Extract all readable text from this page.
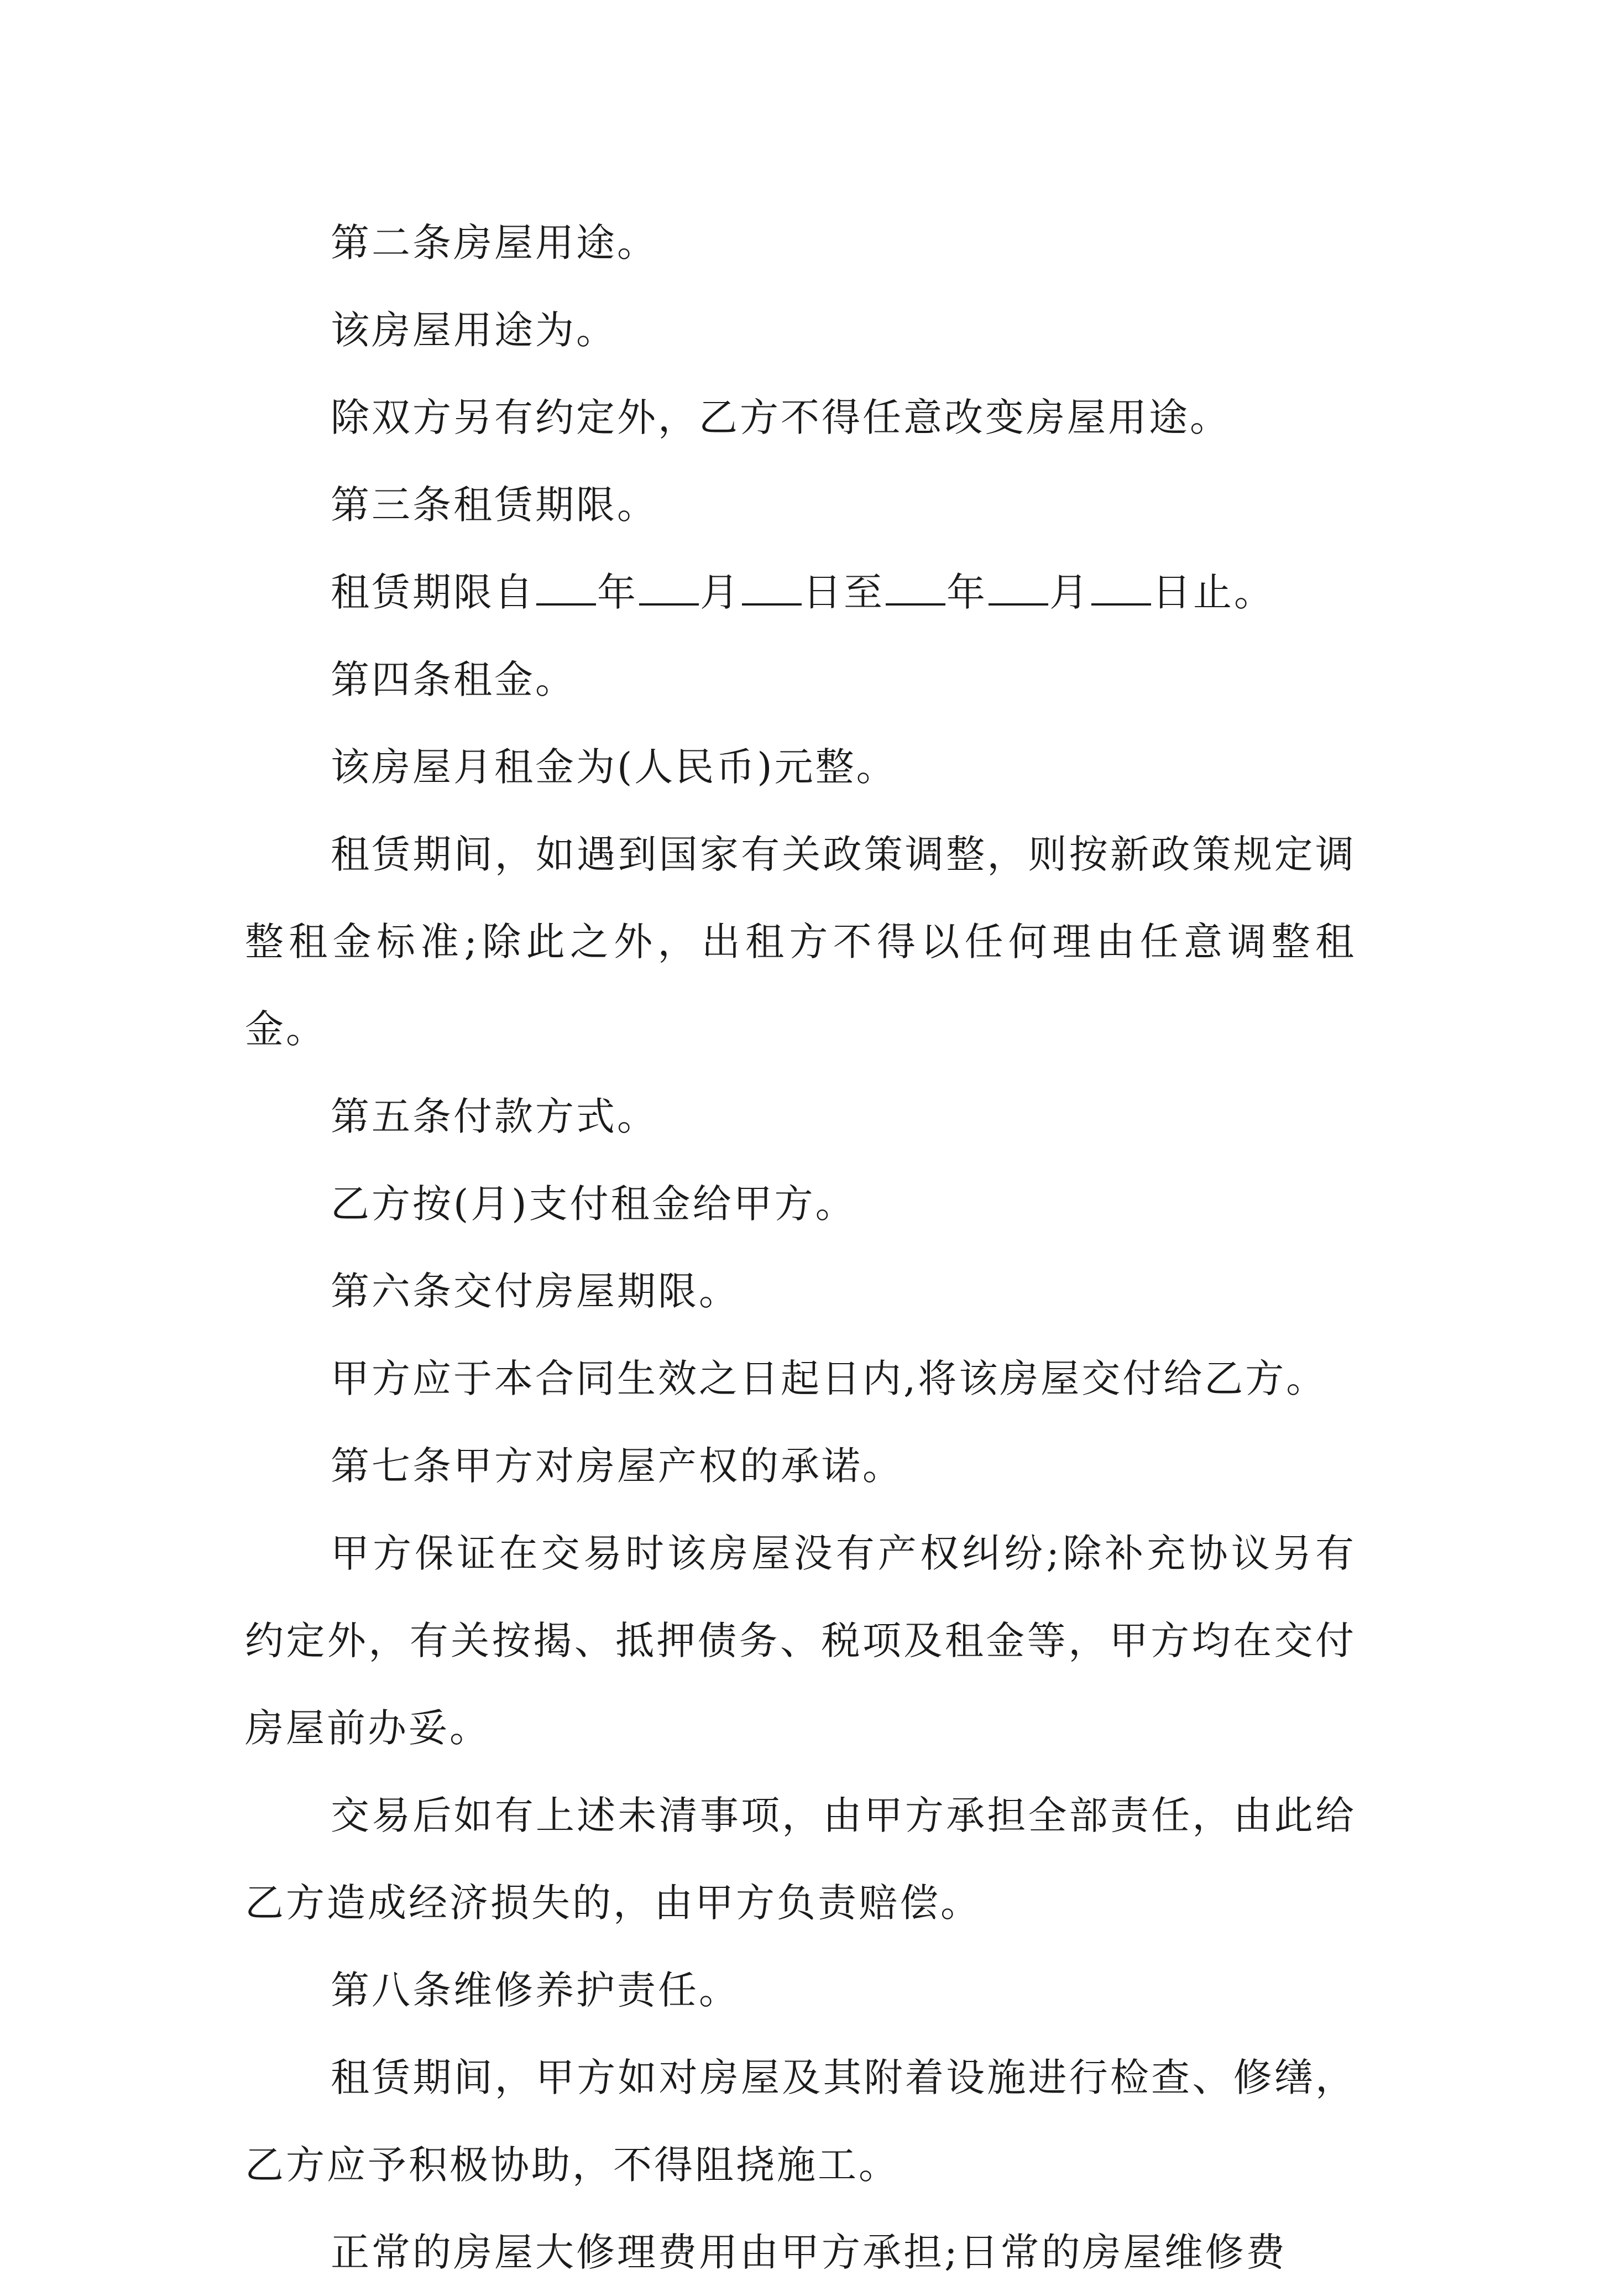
第二条房屋用途。

该房屋用途为。

除双方另有约定外，乙方不得任意改变房屋用途。

第三条租赁期限。

租赁期限自 年 月 日至 年 月 日止。

第四条租金。

该房屋月租金为(人民币)元整。

租赁期间，如遇到国家有关政策调整，则按新政策规定调整租金标准;除此之外，出租方不得以任何理由任意调整租金。

第五条付款方式。

乙方按(月)支付租金给甲方。

第六条交付房屋期限。

甲方应于本合同生效之日起日内,将该房屋交付给乙方。

第七条甲方对房屋产权的承诺。

甲方保证在交易时该房屋没有产权纠纷;除补充协议另有约定外，有关按揭、抵押债务、税项及租金等，甲方均在交付房屋前办妥。

交易后如有上述未清事项，由甲方承担全部责任，由此给乙方造成经济损失的，由甲方负责赔偿。

第八条维修养护责任。

租赁期间，甲方如对房屋及其附着设施进行检查、修缮，乙方应予积极协助，不得阻挠施工。

正常的房屋大修理费用由甲方承担;日常的房屋维修费
